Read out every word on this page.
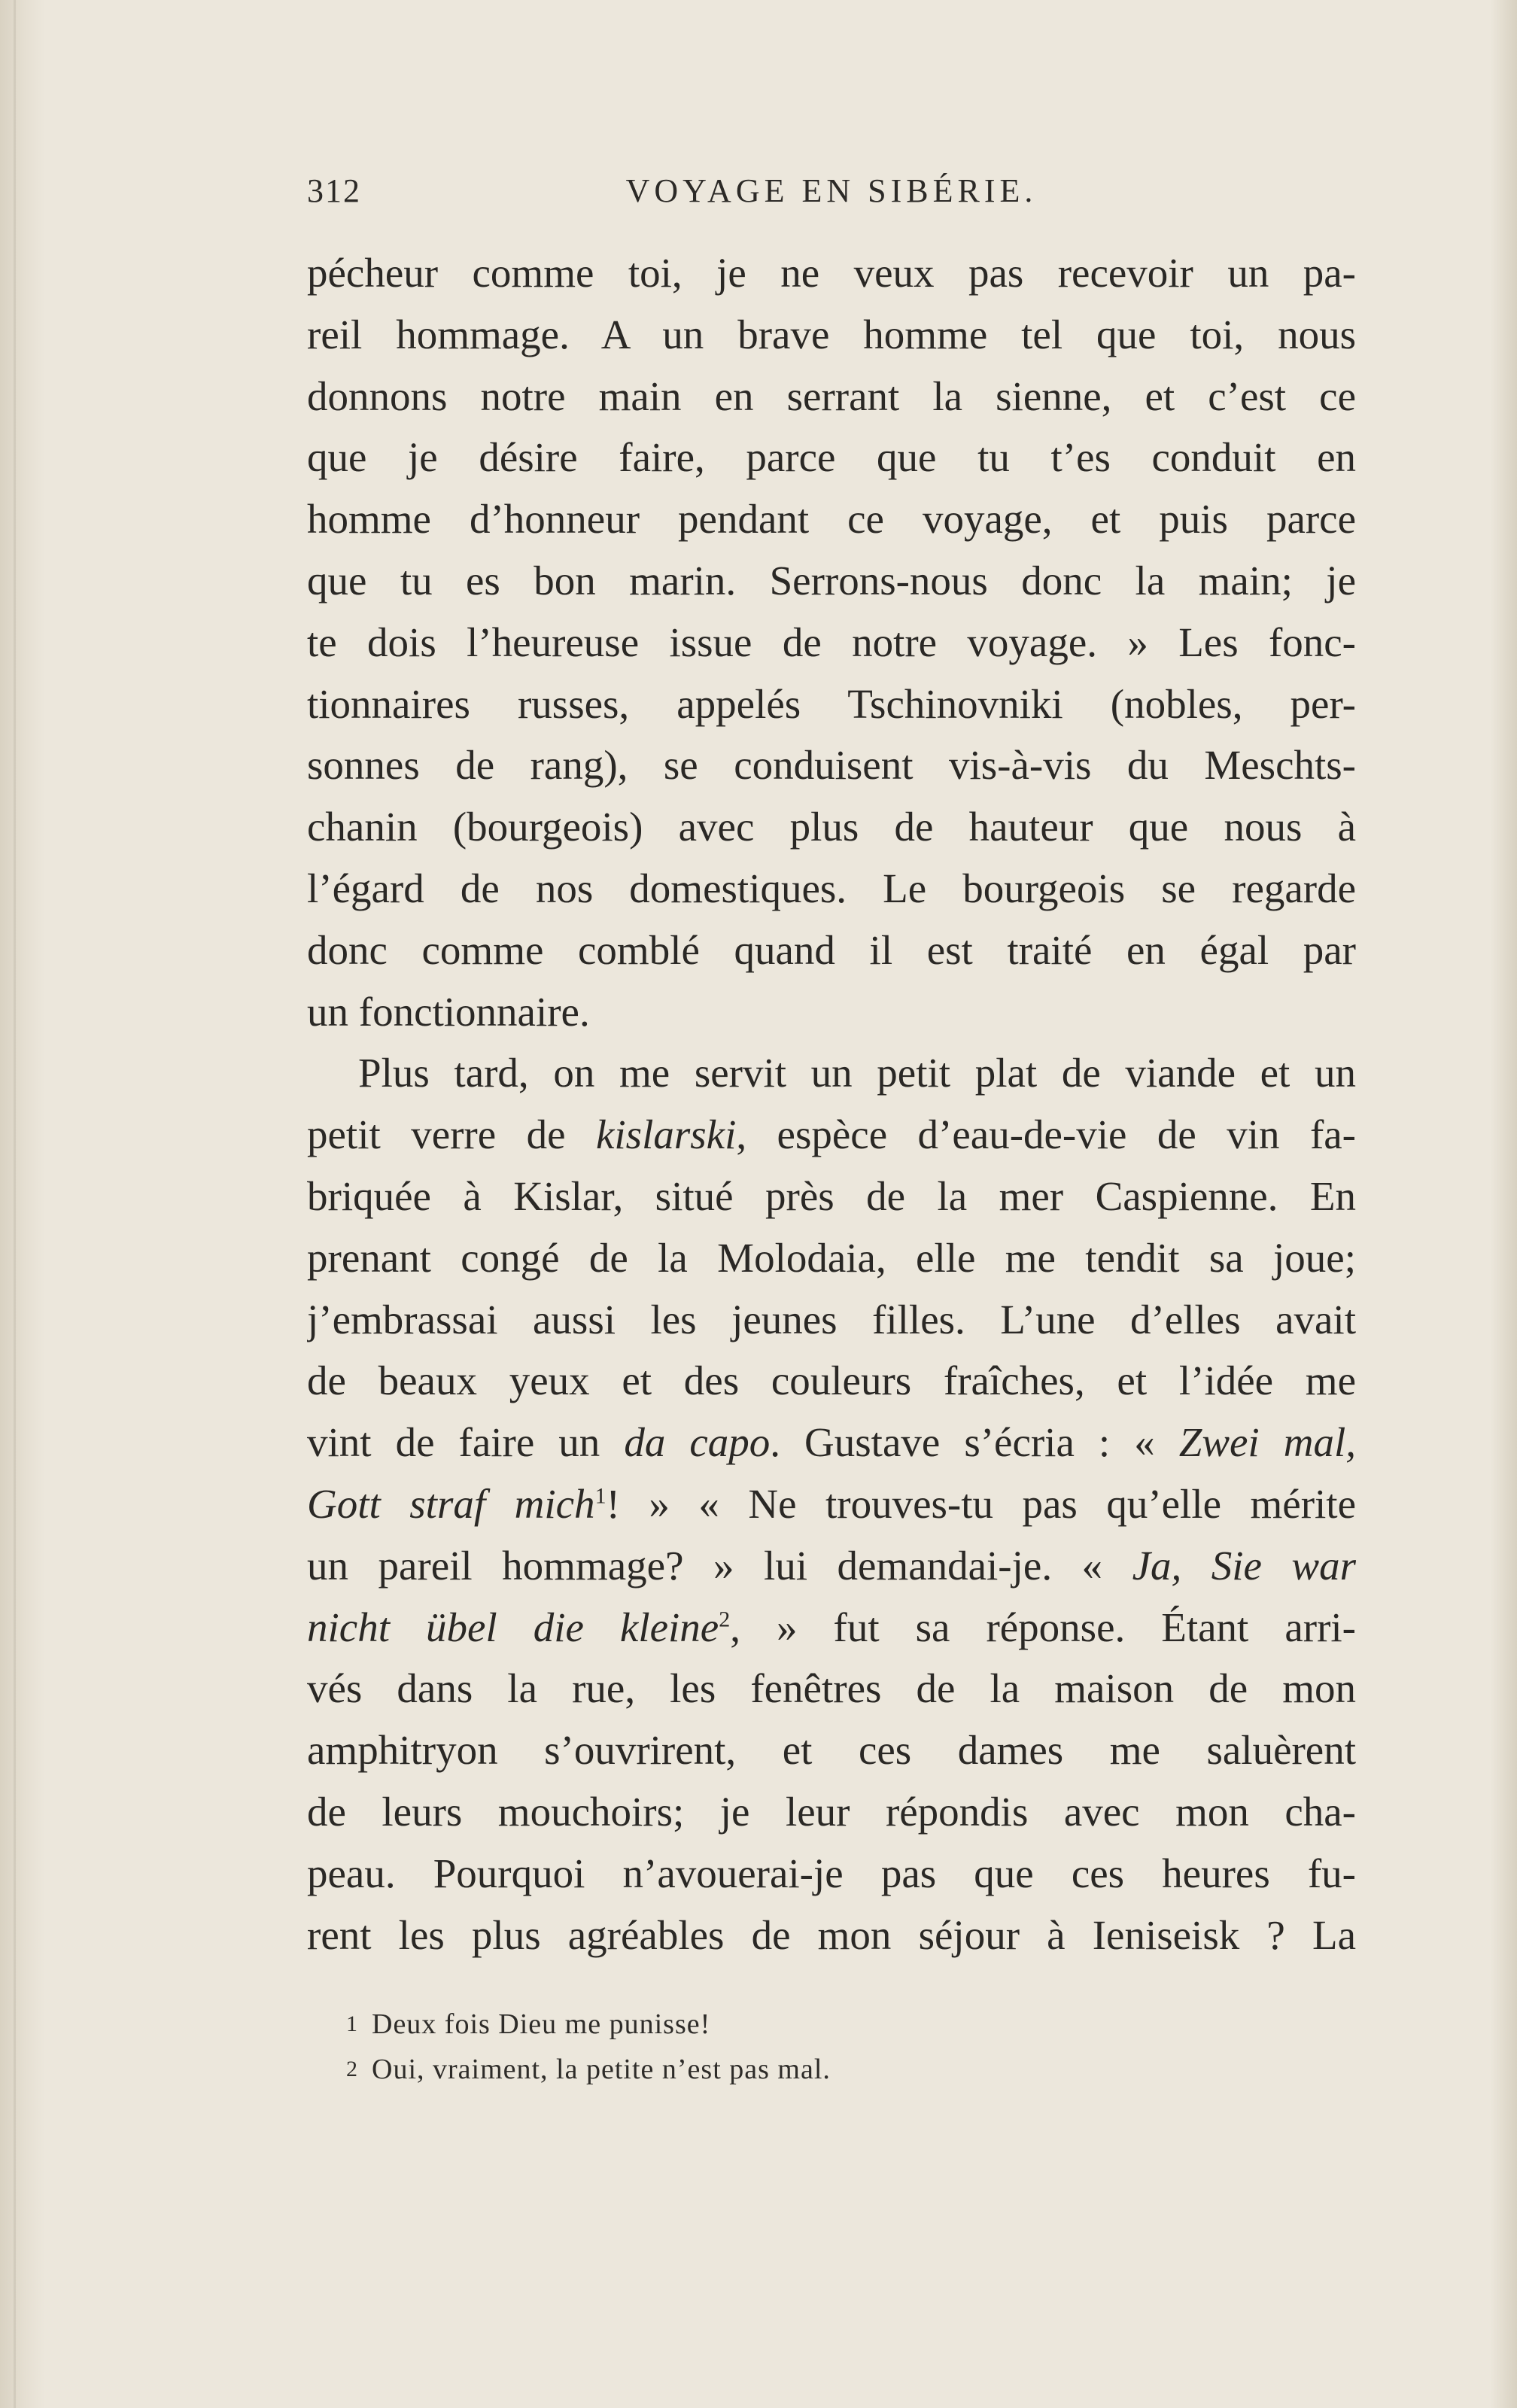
312	VOYAGE EN SIBÉRIE.
pécheur comme toi, je ne veux pas recevoir un pa-
reil hommage. A un brave homme tel que toi, nous
donnons notre main en serrant la sienne, et c’est ce
que je désire faire, parce que tu t’es conduit en
homme d’honneur pendant ce voyage, et puis parce
que tu es bon marin. Serrons-nous donc la main; je
te dois l’heureuse issue de notre voyage. » Les fonc-
tionnaires russes, appelés Tschinovniki (nobles, per-
sonnes de rang), se conduisent vis-à-vis du Meschts-
chanin (bourgeois) avec plus de hauteur que nous à
l’égard de nos domestiques. Le bourgeois se regarde
donc comme comblé quand il est traité en égal par
un fonctionnaire.
Plus tard, on me servit un petit plat de viande et un
petit verre de kislarski, espèce d’eau-de-vie de vin fa-
briquée à Kislar, situé près de la mer Caspienne. En
prenant congé de la Molodaia, elle me tendit sa joue;
j’embrassai aussi les jeunes filles. L’une d’elles avait
de beaux yeux et des couleurs fraîches, et l’idée me
vint de faire un da capo. Gustave s’écria : « Zwei mal,
Gott straf mich$^1$! » « Ne trouves-tu pas qu’elle mérite
un pareil hommage? » lui demandai-je. « Ja, Sie war
nicht übel die kleine$^2$, » fut sa réponse. Étant arri-
vés dans la rue, les fenêtres de la maison de mon
amphitryon s’ouvrirent, et ces dames me saluèrent
de leurs mouchoirs; je leur répondis avec mon cha-
peau. Pourquoi n’avouerai-je pas que ces heures fu-
rent les plus agréables de mon séjour à Ieniseisk ? La
1 Deux fois Dieu me punisse!
2 Oui, vraiment, la petite n’est pas mal.
